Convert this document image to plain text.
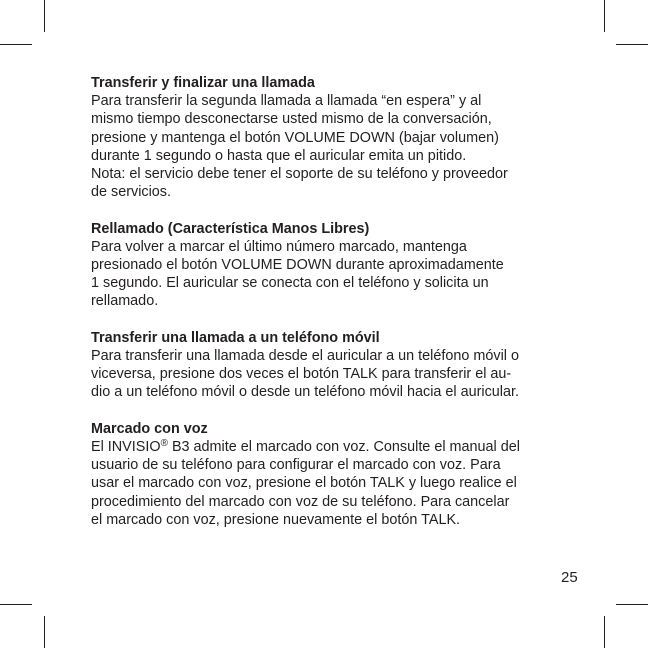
Transferir y finalizar una llamada

Para transferir la segunda llamada a llamada “en espera” y al
mismo tiempo desconectarse usted mismo de la conversación,
presione y mantenga el botón VOLUME DOWN (bajar volumen)
durante 1 segundo o hasta que el auricular emita un pitido.
Nota: el servicio debe tener el soporte de su teléfono y proveedor
de servicios.

Rellamado (Característica Manos Libres)

Para volver a marcar el último número marcado, mantenga
presionado el botón VOLUME DOWN durante aproximadamente
1 segundo. El auricular se conecta con el teléfono y solicita un
rellamado.

Transferir una llamada a un teléfono móvil

Para transferir una llamada desde el auricular a un teléfono móvil o
viceversa, presione dos veces el botón TALK para transferir el au-
dio a un teléfono móvil o desde un teléfono móvil hacia el auricular.

Marcado con voz

El INVISIO® B3 admite el marcado con voz. Consulte el manual del
usuario de su teléfono para configurar el marcado con voz. Para
usar el marcado con voz, presione el botón TALK y luego realice el
procedimiento del marcado con voz de su teléfono. Para cancelar
el marcado con voz, presione nuevamente el botón TALK.
25
